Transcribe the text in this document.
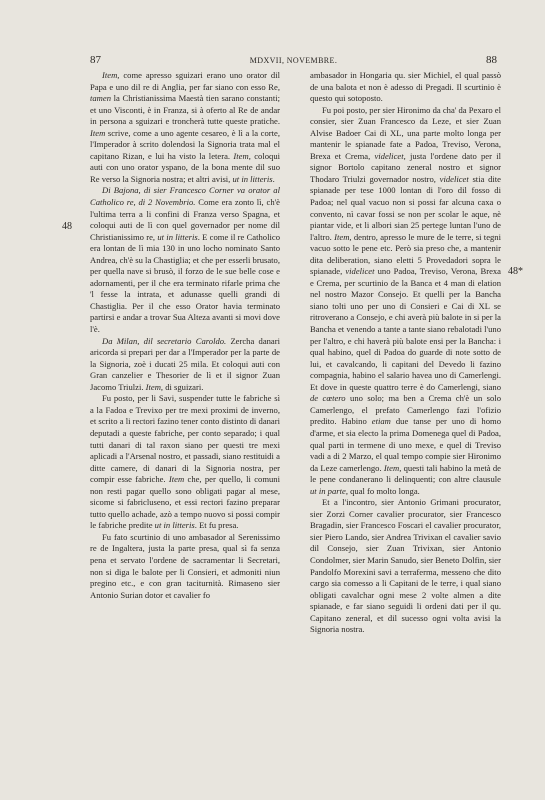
87	MDXVII, NOVEMBRE.	88
48
48*

Item, come apresso sguizari erano uno orator dil Papa e uno dil re di Anglia, per far siano con esso Re, tamen la Christianissima Maestà tien sarano constanti; et uno Visconti, è in Franza, si à oferto al Re de andar in persona a sguizari e troncherà tutte queste pratiche. Item scrive, come a uno agente cesareo, è lì a la corte, l'Imperador à scrito dolendosi la Signoria trata mal el capitano Rizan, e lui ha visto la letera. Item, coloqui auti con uno orator yspano, de la bona mente dil suo Re verso la Signoria nostra; et altri avisi, ut in litteris.

Di Bajona, di sier Francesco Corner va orator al Catholico re, di 2 Novembrio. Come era zonto lì, ch'è l'ultima terra a li confini di Franza verso Spagna, et coloqui auti de lì con quel governador per nome dil Christianissimo re, ut in litteris. E come il re Catholico era lontan de lì mia 130 in uno locho nominato Santo Andrea, ch'è su la Chastiglia; et che per esserli brusato, per quella nave si brusò, il forzo de le sue belle cose e adornamenti, per il che era terminato rifarle prima che 'l fesse la intrata, et adunasse quelli grandi di Chastiglia. Per il che esso Orator havia terminato partirsi e andar a trovar Sua Alteza avanti si movi dove l'è.

Da Milan, dil secretario Caroldo. Zercha danari aricorda si prepari per dar a l'Imperador per la parte de la Signoria, zoè i ducati 25 mila. Et coloqui auti con Gran canzelier e Thesorier de lì et il signor Zuan Jacomo Triulzi. Item, di sguizari.

Fu posto, per li Savi, suspender tutte le fabriche sì a la Fadoa e Trevixo per tre mexi proximi de inverno, et scrito a li rectori fazino tener conto distinto di danari deputadi a queste fabriche, per conto separado; i qual tutti danari di tal raxon siano per questi tre mexi aplicadi a l'Arsenal nostro, et passadi, siano restituidi a ditte camere, di danari di la Signoria nostra, per compir esse fabriche. Item che, per quello, li comuni non resti pagar quello sono obligati pagar al mese, sicome si fabricluseno, et essi rectori fazino preparar tutto quello achade, azò a tempo nuovo si possi compir le fabriche predite ut in litteris. Et fu presa.

Fu fato scurtinio di uno ambasador al Serenissimo re de Ingaltera, justa la parte presa, qual sì fa senza pena et servato l'ordene de sacramentar li Secretari, non si diga le balote per li Consieri, et admoniti niun pregino etc., e con gran taciturnità. Rimaseno sier Antonio Surian dotor et cavalier fo

ambasador in Hongaria qu. sier Michiel, el qual passò de una balota et non è adesso di Pregadi. Il scurtinio è questo qui sotoposto.

Fu poi posto, per sier Hironimo da cha' da Pexaro el consier, sier Zuan Francesco da Leze, et sier Zuan Alvise Badoer Cai di XL, una parte molto longa per mantenir le spianade fate a Padoa, Treviso, Verona, Brexa et Crema, videlicet, justa l'ordene dato per il signor Bortolo capitano zeneral nostro et signor Thodaro Triulzi governador nostro, videlicet stia dite spianade per tese 1000 lontan di l'oro dil fosso di Padoa; nel qual vacuo non si possi far alcuna caxa o convento, nì cavar fossi se non per scolar le aque, nè piantar vide, et li albori sian 25 pertege luntan l'uno de l'altro. Item, dentro, apresso le mure de le terre, si tegni vacuo sotto le pene etc. Però sia preso che, a mantenir dita deliberation, siano eletti 5 Provedadori sopra le spianade, videlicet uno Padoa, Treviso, Verona, Brexa e Crema, per scurtinio de la Banca et 4 man di elation nel nostro Mazor Consejo. Et quelli per la Bancha siano tolti uno per uno di Consieri e Cai di XL se ritroverano a Consejo, e chi averà più balote in si per la Bancha et venendo a tante a tante siano rebalotadi l'uno per l'altro, e chi haverà più balote ensi per la Bancha: i qual habino, quel di Padoa do guarde di note sotto de lui, et cavalcando, li capitani del Devedo li fazino compagnia, habino el salario havea uno di Camerlengi. Et dove in queste quattro terre è do Camerlengi, siano de cœtero uno solo; ma ben a Crema ch'è un solo Camerlengo, el prefato Camerlengo fazi l'ofizio predito. Habino etiam due tanse per uno di homo d'arme, et sia electo la prima Domenega quel di Padoa, qual parti in termene di uno mexe, e quel di Treviso vadi a di 2 Marzo, el qual tempo compie sier Hironimo da Leze camerlengo. Item, questi tali habino la metà de le pene condanerano li delinquenti; con altre clausule ut in parte, qual fo molto longa.

Et a l'incontro, sier Antonio Grimani procurator, sier Zorzi Corner cavalier procurator, sier Francesco Bragadin, sier Francesco Foscari el cavalier procurator, sier Piero Lando, sier Andrea Trivixan el cavalier savio dil Consejo, sier Zuan Trivixan, sier Antonio Condolmer, sier Marin Sanudo, sier Beneto Dolfin, sier Pandolfo Morexini savi a terraferma, messeno che dito cargo sia comesso a li Capitani de le terre, i qual siano obligati cavalchar ogni mese 2 volte almen a dite spianade, e far siano seguidi li ordeni dati per il qu. Capitano zeneral, et dil sucesso ogni volta avisi la Signoria nostra.
